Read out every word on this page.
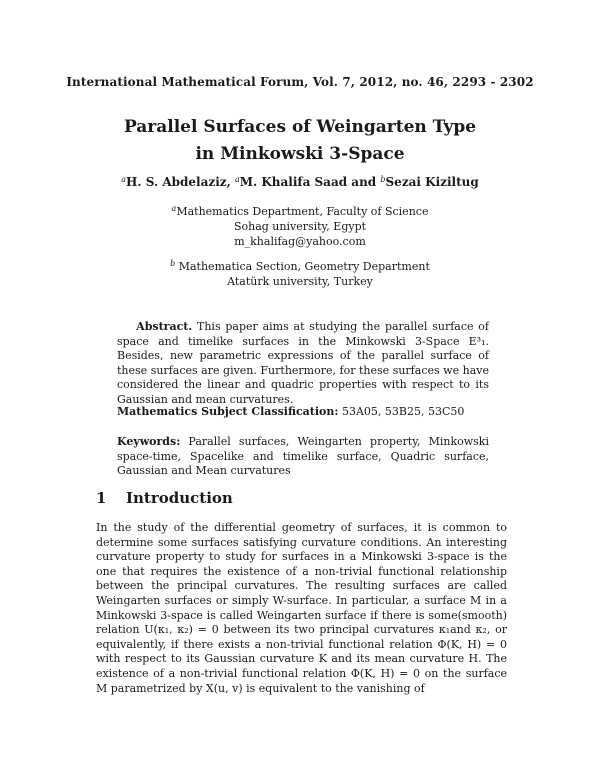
International Mathematical Forum, Vol. 7, 2012, no. 46, 2293 - 2302
Parallel Surfaces of Weingarten Type
in Minkowski 3-Space
$^a$H. S. Abdelaziz, $^a$M. Khalifa Saad and $^b$Sezai Kiziltug
$^a$Mathematics Department, Faculty of Science
Sohag university, Egypt
m_khalifag@yahoo.com
$^b$ Mathematica Section, Geometry Department
Atatürk university, Turkey
Abstract. This paper aims at studying the parallel surface of space and timelike surfaces in the Minkowski 3-Space E³₁. Besides, new parametric expressions of the parallel surface of these surfaces are given. Furthermore, for these surfaces we have considered the linear and quadric properties with respect to its Gaussian and mean curvatures.
Mathematics Subject Classification: 53A05, 53B25, 53C50
Keywords: Parallel surfaces, Weingarten property, Minkowski space-time, Spacelike and timelike surface, Quadric surface, Gaussian and Mean curvatures
1 Introduction
In the study of the differential geometry of surfaces, it is common to determine some surfaces satisfying curvature conditions. An interesting curvature property to study for surfaces in a Minkowski 3-space is the one that requires the existence of a non-trivial functional relationship between the principal curvatures. The resulting surfaces are called Weingarten surfaces or simply W-surface. In particular, a surface M in a Minkowski 3-space is called Weingarten surface if there is some(smooth) relation U(κ₁, κ₂) = 0 between its two principal curvatures κ₁and κ₂, or equivalently, if there exists a non-trivial functional relation Φ(K, H) = 0 with respect to its Gaussian curvature K and its mean curvature H. The existence of a non-trivial functional relation Φ(K, H) = 0 on the surface M parametrized by X(u, v) is equivalent to the vanishing of
